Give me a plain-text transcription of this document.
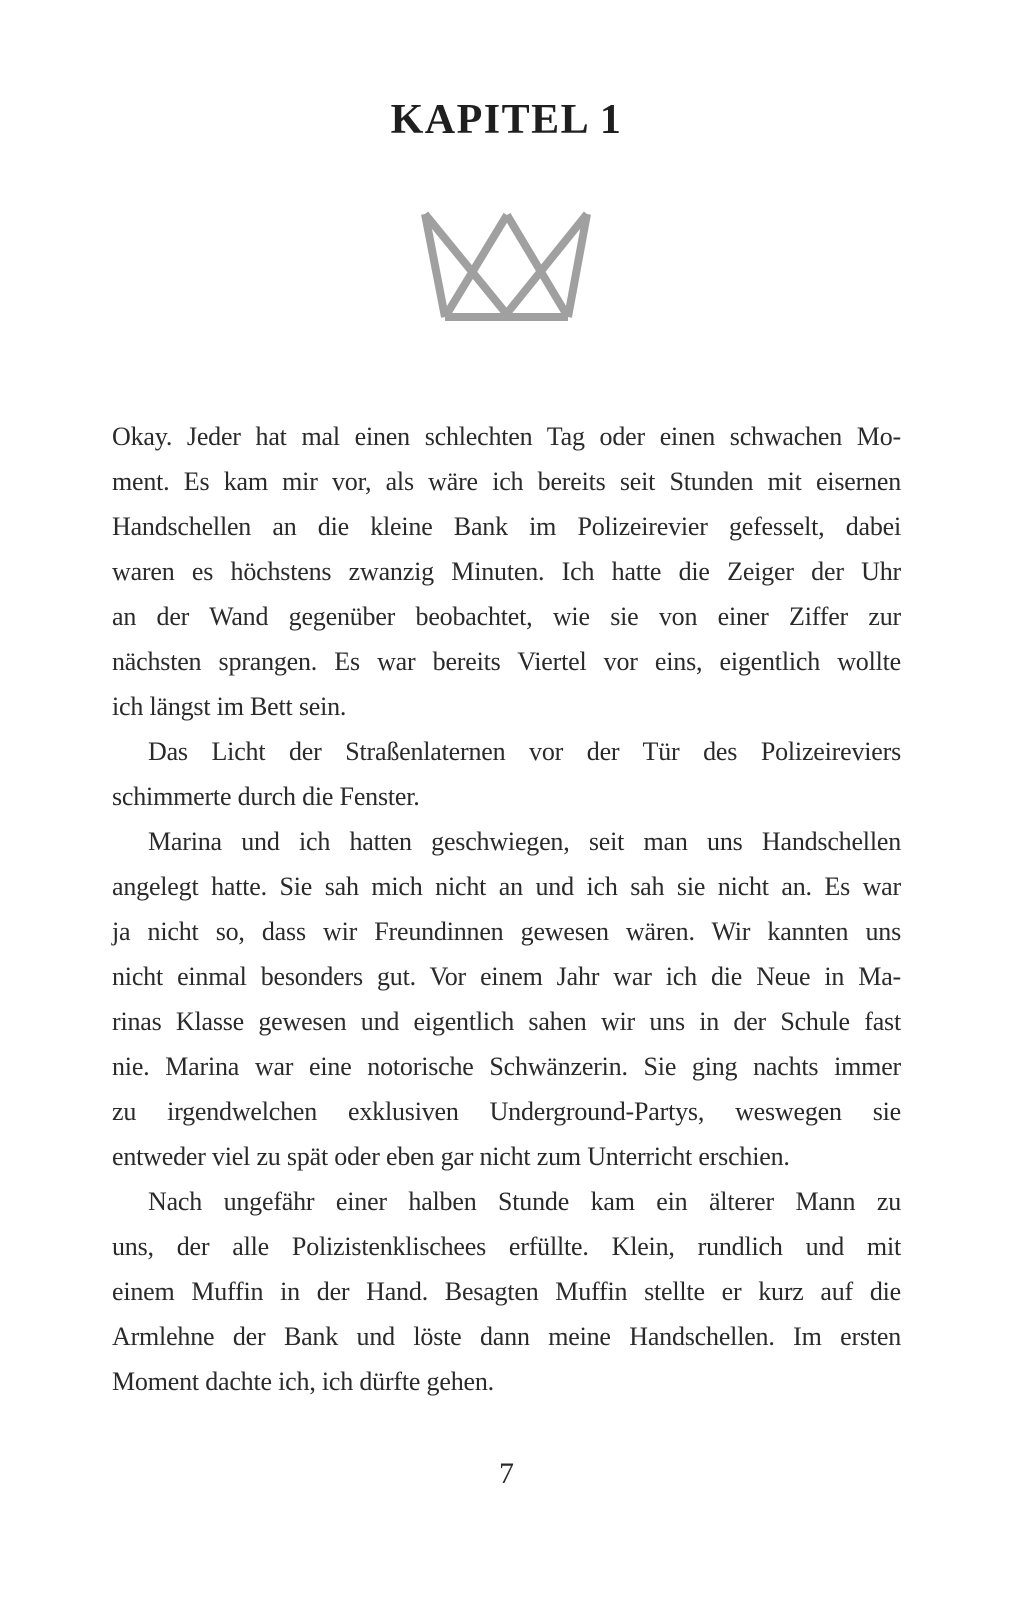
KAPITEL 1
Okay. Jeder hat mal einen schlechten Tag oder einen schwachen Mo-
ment. Es kam mir vor, als wäre ich bereits seit Stunden mit eisernen
Handschellen an die kleine Bank im Polizeirevier gefesselt, dabei
waren es höchstens zwanzig Minuten. Ich hatte die Zeiger der Uhr
an der Wand gegenüber beobachtet, wie sie von einer Ziffer zur
nächsten sprangen. Es war bereits Viertel vor eins, eigentlich wollte
ich längst im Bett sein.
Das Licht der Straßenlaternen vor der Tür des Polizeireviers
schimmerte durch die Fenster.
Marina und ich hatten geschwiegen, seit man uns Handschellen
angelegt hatte. Sie sah mich nicht an und ich sah sie nicht an. Es war
ja nicht so, dass wir Freundinnen gewesen wären. Wir kannten uns
nicht einmal besonders gut. Vor einem Jahr war ich die Neue in Ma-
rinas Klasse gewesen und eigentlich sahen wir uns in der Schule fast
nie. Marina war eine notorische Schwänzerin. Sie ging nachts immer
zu irgendwelchen exklusiven Underground-Partys, weswegen sie
entweder viel zu spät oder eben gar nicht zum Unterricht erschien.
Nach ungefähr einer halben Stunde kam ein älterer Mann zu
uns, der alle Polizistenklischees erfüllte. Klein, rundlich und mit
einem Muffin in der Hand. Besagten Muffin stellte er kurz auf die
Armlehne der Bank und löste dann meine Handschellen. Im ersten
Moment dachte ich, ich dürfte gehen.
7
